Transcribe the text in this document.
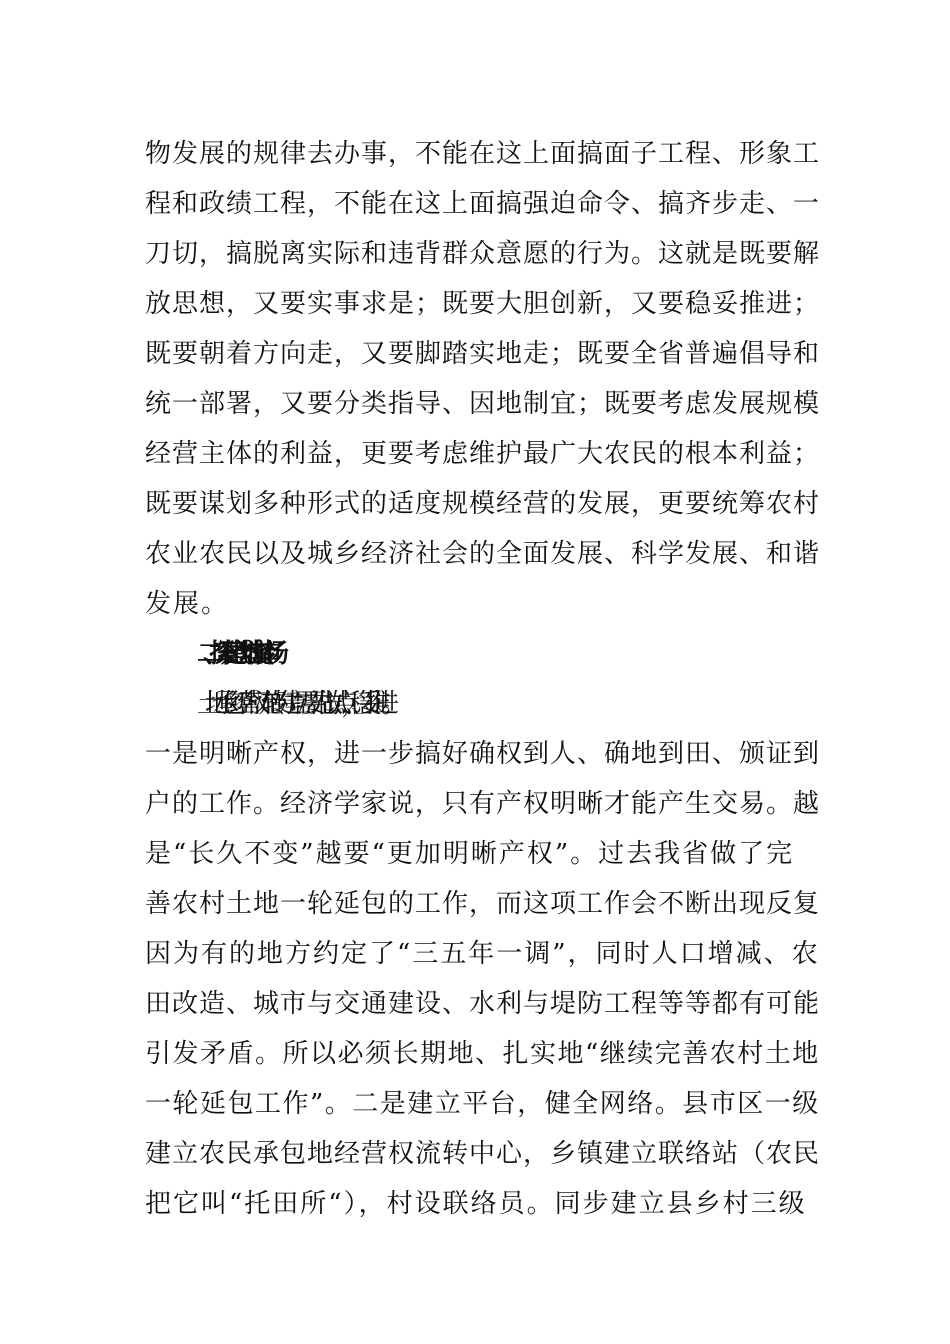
物发展的规律去办事，不能在这上面搞面子工程、形象工
程和政绩工程，不能在这上面搞强迫命令、搞齐步走、一
刀切，搞脱离实际和违背群众意愿的行为。这就是既要解
放思想，又要实事求是；既要大胆创新，又要稳妥推进；
既要朝着方向走，又要脚踏实地走；既要全省普遍倡导和
统一部署，又要分类指导、因地制宜；既要考虑发展规模
经营主体的利益，更要考虑维护最广大农民的根本利益；
既要谋划多种形式的适度规模经营的发展，更要统筹农村
农业农民以及城乡经济社会的全面发展、科学发展、和谐
发展。
二、探索建立土地流转市场
土地承包经营权流转的建立需要先做试点，稳妥推进。
一是明晰产权，进一步搞好确权到人、确地到田、颁证到
户的工作。经济学家说，只有产权明晰才能产生交易。越
是“长久不变”越要“更加明晰产权”。过去我省做了完
善农村土地一轮延包的工作，而这项工作会不断出现反复
因为有的地方约定了“三五年一调”，同时人口增减、农
田改造、城市与交通建设、水利与堤防工程等等都有可能
引发矛盾。所以必须长期地、扎实地“继续完善农村土地
一轮延包工作”。二是建立平台，健全网络。县市区一级
建立农民承包地经营权流转中心，乡镇建立联络站（农民
把它叫“托田所“），村设联络员。同步建立县乡村三级
